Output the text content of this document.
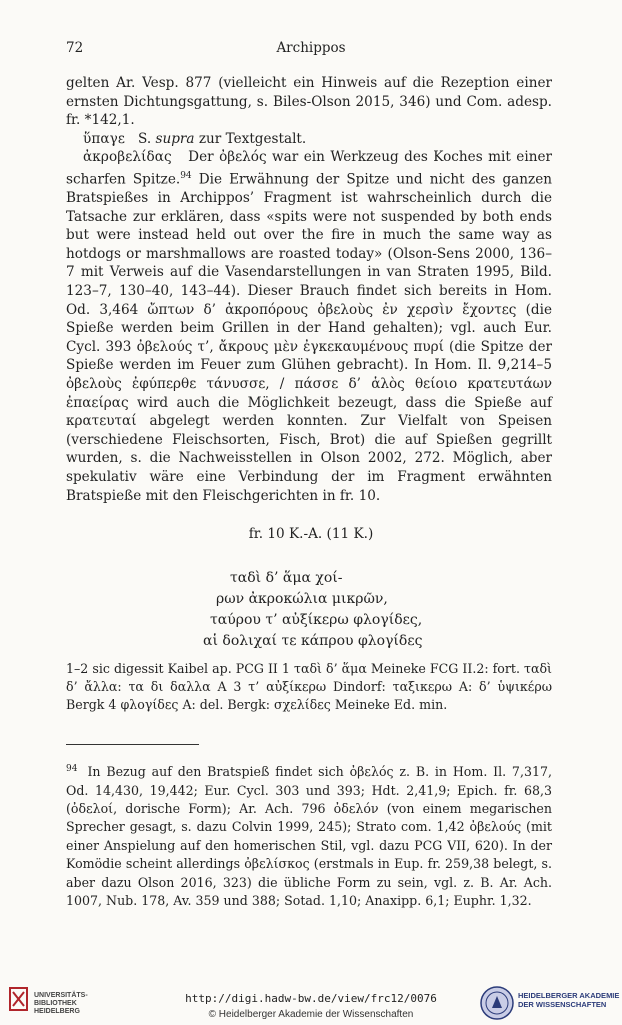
72	Archippos

gelten Ar. Vesp. 877 (vielleicht ein Hinweis auf die Rezeption einer ernsten Dichtungsgattung, s. Biles-Olson 2015, 346) und Com. adesp. fr. *142,1.

ὕπαγε S. supra zur Textgestalt.

ἀκροβελίδας Der ὀβελός war ein Werkzeug des Koches mit einer scharfen Spitze.$^{94}$ Die Erwähnung der Spitze und nicht des ganzen Bratspießes in Archippos’ Fragment ist wahrscheinlich durch die Tatsache zur erklären, dass «spits were not suspended by both ends but were instead held out over the fire in much the same way as hotdogs or marshmallows are roasted today» (Olson-Sens 2000, 136–7 mit Verweis auf die Vasendarstellungen in van Straten 1995, Bild. 123–7, 130–40, 143–44). Dieser Brauch findet sich bereits in Hom. Od. 3,464 ὤπτων δ’ ἀκροπόρους ὀβελοὺς ἐν χερσὶν ἔχοντες (die Spieße werden beim Grillen in der Hand gehalten); vgl. auch Eur. Cycl. 393 ὀβελούς τ’, ἄκρους μὲν ἐγκεκαυμένους πυρί (die Spitze der Spieße werden im Feuer zum Glühen gebracht). In Hom. Il. 9,214–5 ὀβελοὺς ἐφύπερθε τάνυσσε, / πάσσε δ’ ἁλὸς θείοιο κρατευτάων ἐπαείρας wird auch die Möglichkeit bezeugt, dass die Spieße auf κρατευταί abgelegt werden konnten. Zur Vielfalt von Speisen (verschiedene Fleischsorten, Fisch, Brot) die auf Spießen gegrillt wurden, s. die Nachweisstellen in Olson 2002, 272. Möglich, aber spekulativ wäre eine Verbindung der im Fragment erwähnten Bratspieße mit den Fleischgerichten in fr. 10.

fr. 10 K.-A. (11 K.)
ταδὶ δ’ ἅμα χοί-
ρων ἀκροκώλια μικρῶν,
ταύρου τ’ αὐξίκερω φλογίδες,
αἱ δολιχαί τε κάπρου φλογίδες
1–2 sic digessit Kaibel ap. PCG II 1 ταδὶ δ’ ἅμα Meineke FCG II.2: fort. ταδὶ δ’ ἄλλα: τα δι δαλλα A 3 τ’ αὐξίκερω Dindorf: ταξικερω A: δ’ ὑψικέρω Bergk 4 φλογίδες A: del. Bergk: σχελίδες Meineke Ed. min.
$^{94}$ In Bezug auf den Bratspieß findet sich ὀβελός z. B. in Hom. Il. 7,317, Od. 14,430, 19,442; Eur. Cycl. 303 und 393; Hdt. 2,41,9; Epich. fr. 68,3 (ὀδελοί, dorische Form); Ar. Ach. 796 ὀδελόν (von einem megarischen Sprecher gesagt, s. dazu Colvin 1999, 245); Strato com. 1,42 ὀβελούς (mit einer Anspielung auf den homerischen Stil, vgl. dazu PCG VII, 620). In der Komödie scheint allerdings ὀβελίσκος (erstmals in Eup. fr. 259,38 belegt, s. aber dazu Olson 2016, 323) die übliche Form zu sein, vgl. z. B. Ar. Ach. 1007, Nub. 178, Av. 359 und 388; Sotad. 1,10; Anaxipp. 6,1; Euphr. 1,32.
UNIVERSITÄTS-
BIBLIOTHEK
HEIDELBERG
http://digi.hadw-bw.de/view/frc12/0076
© Heidelberger Akademie der Wissenschaften
HEIDELBERGER AKADEMIE
DER WISSENSCHAFTEN
